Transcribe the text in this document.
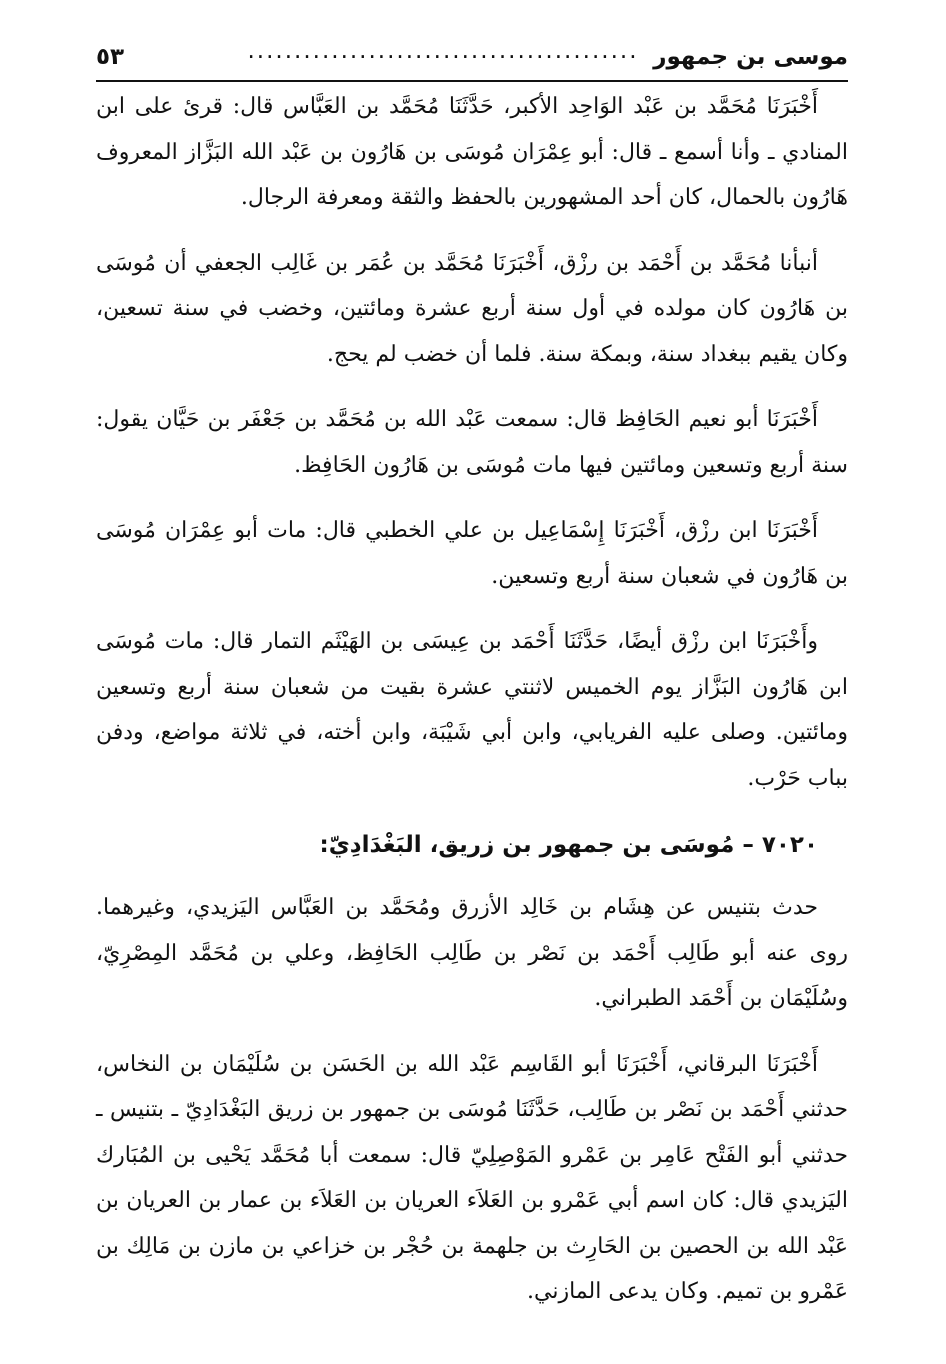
موسى بن جمهور
..........................................
٥٣

أَخْبَرَنَا مُحَمَّد بن عَبْد الوَاحِد الأكبر، حَدَّثَنَا مُحَمَّد بن العَبَّاس قال: قرئ على ابن المنادي ـ وأنا أسمع ـ قال: أبو عِمْرَان مُوسَى بن هَارُون بن عَبْد الله البَزَّاز المعروف هَارُون بالحمال، كان أحد المشهورين بالحفظ والثقة ومعرفة الرجال.

أنبأنا مُحَمَّد بن أَحْمَد بن رزْق، أَخْبَرَنَا مُحَمَّد بن عُمَر بن غَالِب الجعفي أن مُوسَى بن هَارُون كان مولده في أول سنة أربع عشرة ومائتين، وخضب في سنة تسعين، وكان يقيم ببغداد سنة، وبمكة سنة. فلما أن خضب لم يحج.

أَخْبَرَنَا أبو نعيم الحَافِظ قال: سمعت عَبْد الله بن مُحَمَّد بن جَعْفَر بن حَيَّان يقول: سنة أربع وتسعين ومائتين فيها مات مُوسَى بن هَارُون الحَافِظ.

أَخْبَرَنَا ابن رزْق، أَخْبَرَنَا إِسْمَاعِيل بن علي الخطبي قال: مات أبو عِمْرَان مُوسَى بن هَارُون في شعبان سنة أربع وتسعين.

وأَخْبَرَنَا ابن رزْق أيضًا، حَدَّثَنَا أَحْمَد بن عِيسَى بن الهَيْثَم التمار قال: مات مُوسَى ابن هَارُون البَزَّاز يوم الخميس لاثنتي عشرة بقيت من شعبان سنة أربع وتسعين ومائتين. وصلى عليه الفريابي، وابن أبي شَيْبَة، وابن أخته، في ثلاثة مواضع، ودفن بباب حَرْب.

٧٠٢٠ – مُوسَى بن جمهور بن زريق، البَغْدَادِيّ:

حدث بتنيس عن هِشَام بن خَالِد الأزرق ومُحَمَّد بن العَبَّاس اليَزيدي، وغيرهما. روى عنه أبو طَالِب أَحْمَد بن نَصْر بن طَالِب الحَافِظ، وعلي بن مُحَمَّد المِصْرِيّ، وسُلَيْمَان بن أَحْمَد الطبراني.

أَخْبَرَنَا البرقاني، أَخْبَرَنَا أبو القَاسِم عَبْد الله بن الحَسَن بن سُلَيْمَان بن النخاس، حدثني أَحْمَد بن نَصْر بن طَالِب، حَدَّثَنَا مُوسَى بن جمهور بن زريق البَغْدَادِيّ ـ بتنيس ـ حدثني أبو الفَتْح عَامِر بن عَمْرو المَوْصِلِيّ قال: سمعت أبا مُحَمَّد يَحْيى بن المُبَارك اليَزيدي قال: كان اسم أبي عَمْرو بن العَلاَء العريان بن العَلاَء بن عمار بن العريان بن عَبْد الله بن الحصين بن الحَارِث بن جلهمة بن حُجْر بن خزاعي بن مازن بن مَالِك بن عَمْرو بن تميم. وكان يدعى المازني.
